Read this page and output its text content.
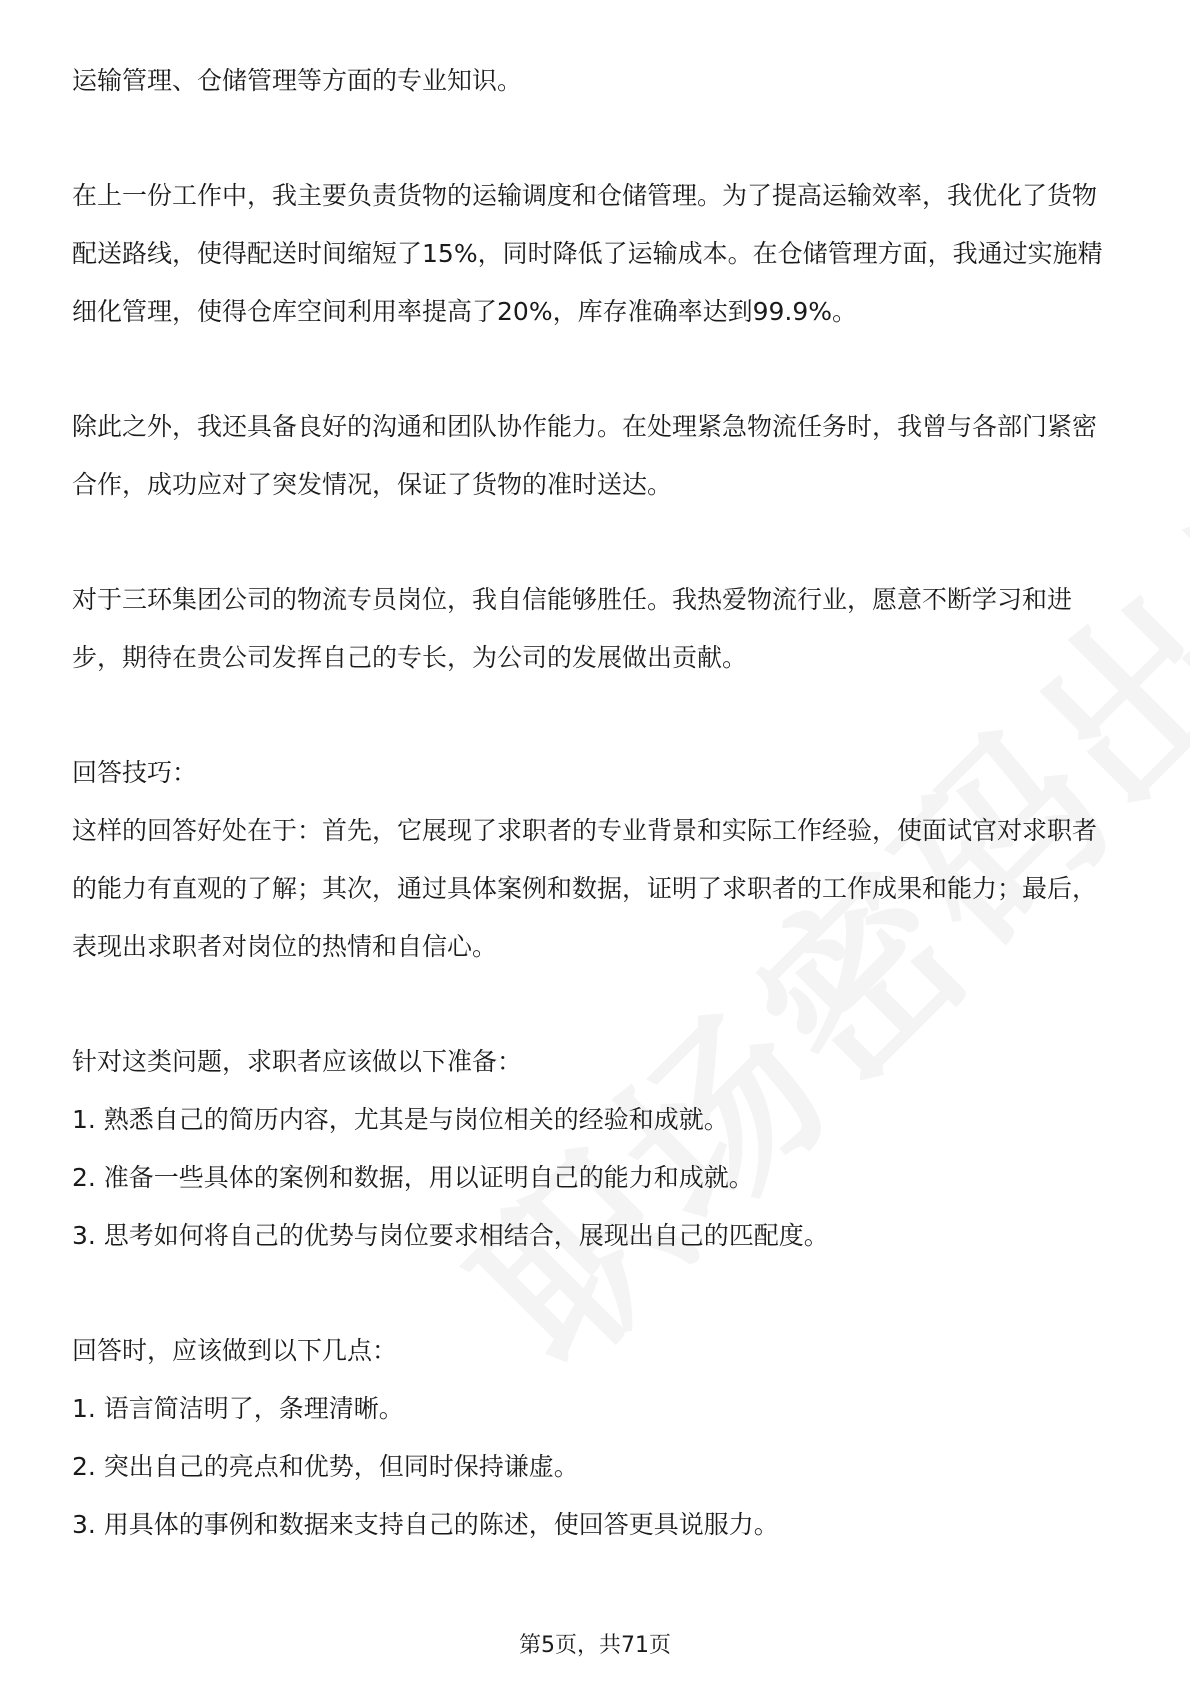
运输管理、仓储管理等方面的专业知识。

在上一份工作中，我主要负责货物的运输调度和仓储管理。为了提高运输效率，我优化了货物配送路线，使得配送时间缩短了15%，同时降低了运输成本。在仓储管理方面，我通过实施精细化管理，使得仓库空间利用率提高了20%，库存准确率达到99.9%。

除此之外，我还具备良好的沟通和团队协作能力。在处理紧急物流任务时，我曾与各部门紧密合作，成功应对了突发情况，保证了货物的准时送达。

对于三环集团公司的物流专员岗位，我自信能够胜任。我热爱物流行业，愿意不断学习和进步，期待在贵公司发挥自己的专长，为公司的发展做出贡献。

回答技巧：

这样的回答好处在于：首先，它展现了求职者的专业背景和实际工作经验，使面试官对求职者的能力有直观的了解；其次，通过具体案例和数据，证明了求职者的工作成果和能力；最后，表现出求职者对岗位的热情和自信心。

针对这类问题，求职者应该做以下准备：

1. 熟悉自己的简历内容，尤其是与岗位相关的经验和成就。

2. 准备一些具体的案例和数据，用以证明自己的能力和成就。

3. 思考如何将自己的优势与岗位要求相结合，展现出自己的匹配度。

回答时，应该做到以下几点：

1. 语言简洁明了，条理清晰。

2. 突出自己的亮点和优势，但同时保持谦虚。

3. 用具体的事例和数据来支持自己的陈述，使回答更具说服力。

第5页，共71页
